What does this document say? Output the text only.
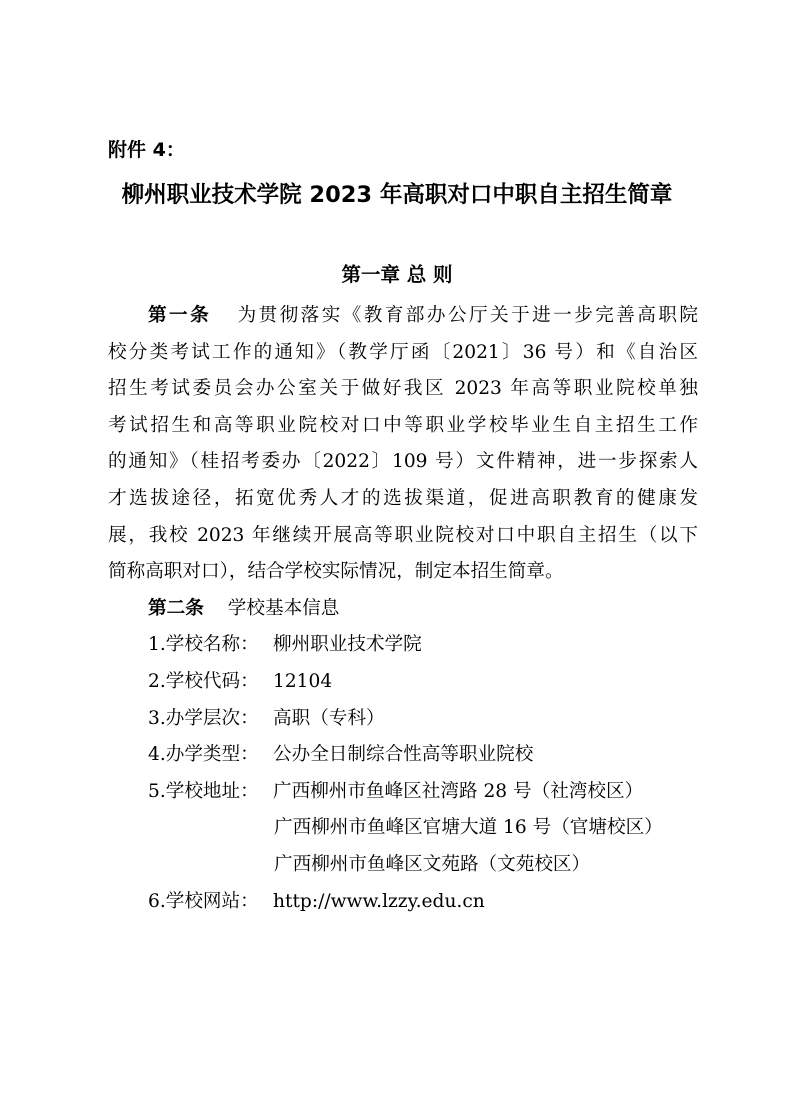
附件 4：
柳州职业技术学院 2023 年高职对口中职自主招生简章
第一章 总 则
第一条 为贯彻落实《教育部办公厅关于进一步完善高职院
校分类考试工作的通知》（教学厅函〔2021〕36 号）和《自治区
招生考试委员会办公室关于做好我区 2023 年高等职业院校单独
考试招生和高等职业院校对口中等职业学校毕业生自主招生工作
的通知》（桂招考委办〔2022〕109 号）文件精神，进一步探索人
才选拔途径，拓宽优秀人才的选拔渠道，促进高职教育的健康发
展，我校 2023 年继续开展高等职业院校对口中职自主招生（以下
简称高职对口），结合学校实际情况，制定本招生简章。
第二条 学校基本信息
1.学校名称： 柳州职业技术学院
2.学校代码： 12104
3.办学层次： 高职（专科）
4.办学类型： 公办全日制综合性高等职业院校
5.学校地址： 广西柳州市鱼峰区社湾路 28 号（社湾校区）
广西柳州市鱼峰区官塘大道 16 号（官塘校区）
广西柳州市鱼峰区文苑路（文苑校区）
6.学校网站： http://www.lzzy.edu.cn
